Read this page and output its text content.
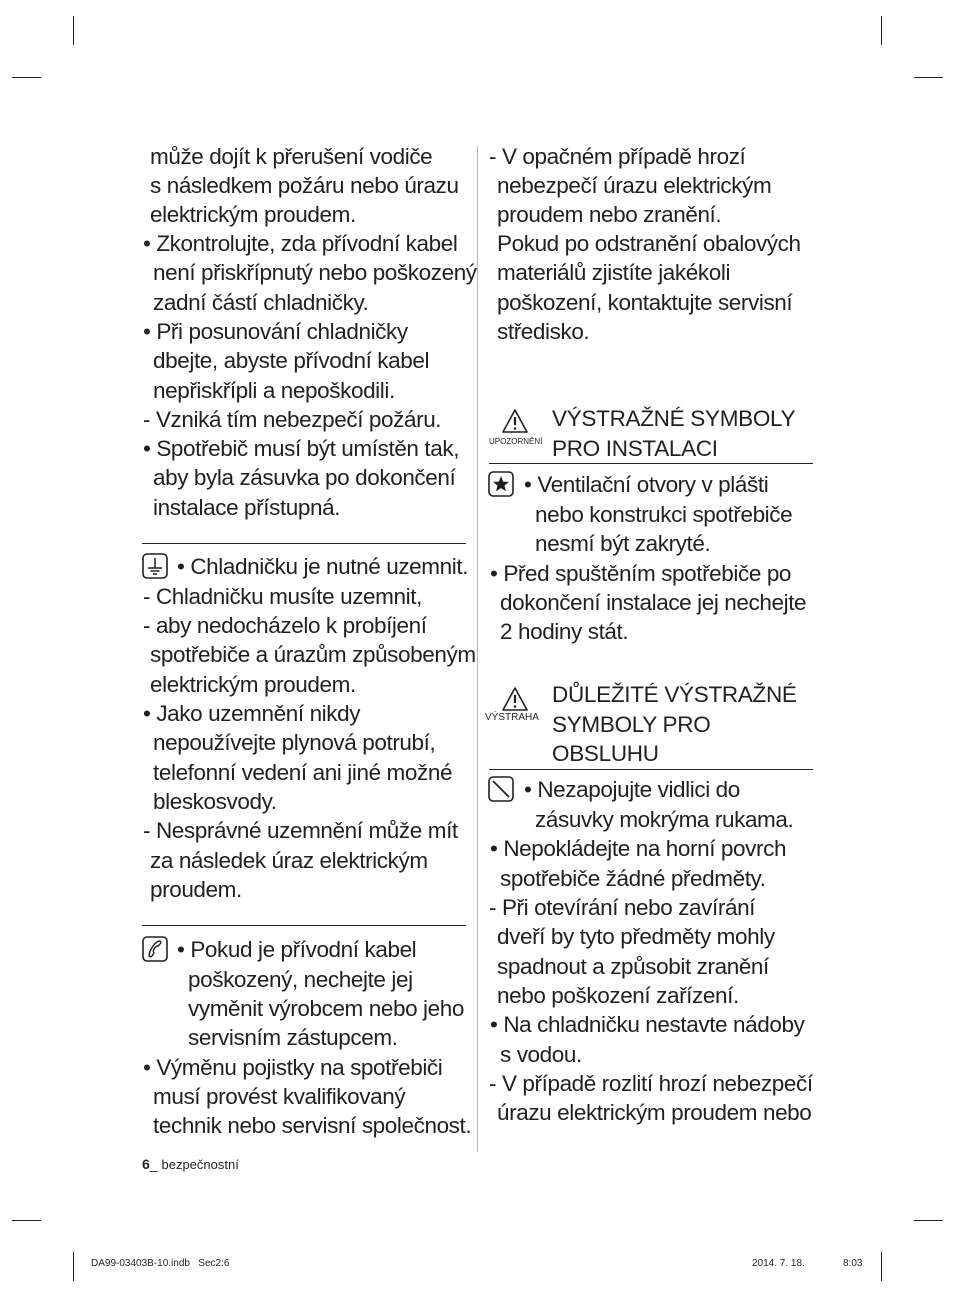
může dojít k přerušení vodiče
s následkem požáru nebo úrazu
elektrickým proudem.
• Zkontrolujte, zda přívodní kabel
není přiskřípnutý nebo poškozený
zadní částí chladničky.
• Při posunování chladničky
dbejte, abyste přívodní kabel
nepřiskřípli a nepoškodili.
- Vzniká tím nebezpečí požáru.
• Spotřebič musí být umístěn tak,
aby byla zásuvka po dokončení
instalace přístupná.
• Chladničku je nutné uzemnit.
- Chladničku musíte uzemnit,
- aby nedocházelo k probíjení
spotřebiče a úrazům způsobeným
elektrickým proudem.
• Jako uzemnění nikdy
nepoužívejte plynová potrubí,
telefonní vedení ani jiné možné
bleskosvody.
- Nesprávné uzemnění může mít
za následek úraz elektrickým
proudem.
• Pokud je přívodní kabel
poškozený, nechejte jej
vyměnit výrobcem nebo jeho
servisním zástupcem.
• Výměnu pojistky na spotřebiči
musí provést kvalifikovaný
technik nebo servisní společnost.
- V opačném případě hrozí
nebezpečí úrazu elektrickým
proudem nebo zranění.
Pokud po odstranění obalových
materiálů zjistíte jakékoli
poškození, kontaktujte servisní
středisko.
UPOZORNĚNÍ
VÝSTRAŽNÉ SYMBOLY
PRO INSTALACI
• Ventilační otvory v plášti
nebo konstrukci spotřebiče
nesmí být zakryté.
• Před spuštěním spotřebiče po
dokončení instalace jej nechejte
2 hodiny stát.
VÝSTRAHA
DŮLEŽITÉ VÝSTRAŽNÉ
SYMBOLY PRO
OBSLUHU
• Nezapojujte vidlici do
zásuvky mokrýma rukama.
• Nepokládejte na horní povrch
spotřebiče žádné předměty.
- Při otevírání nebo zavírání
dveří by tyto předměty mohly
spadnout a způsobit zranění
nebo poškození zařízení.
• Na chladničku nestavte nádoby
s vodou.
- V případě rozlití hrozí nebezpečí
úrazu elektrickým proudem nebo
6_ bezpečnostní
DA99-03403B-10.indb   Sec2:6	2014. 7. 18.	8:03
